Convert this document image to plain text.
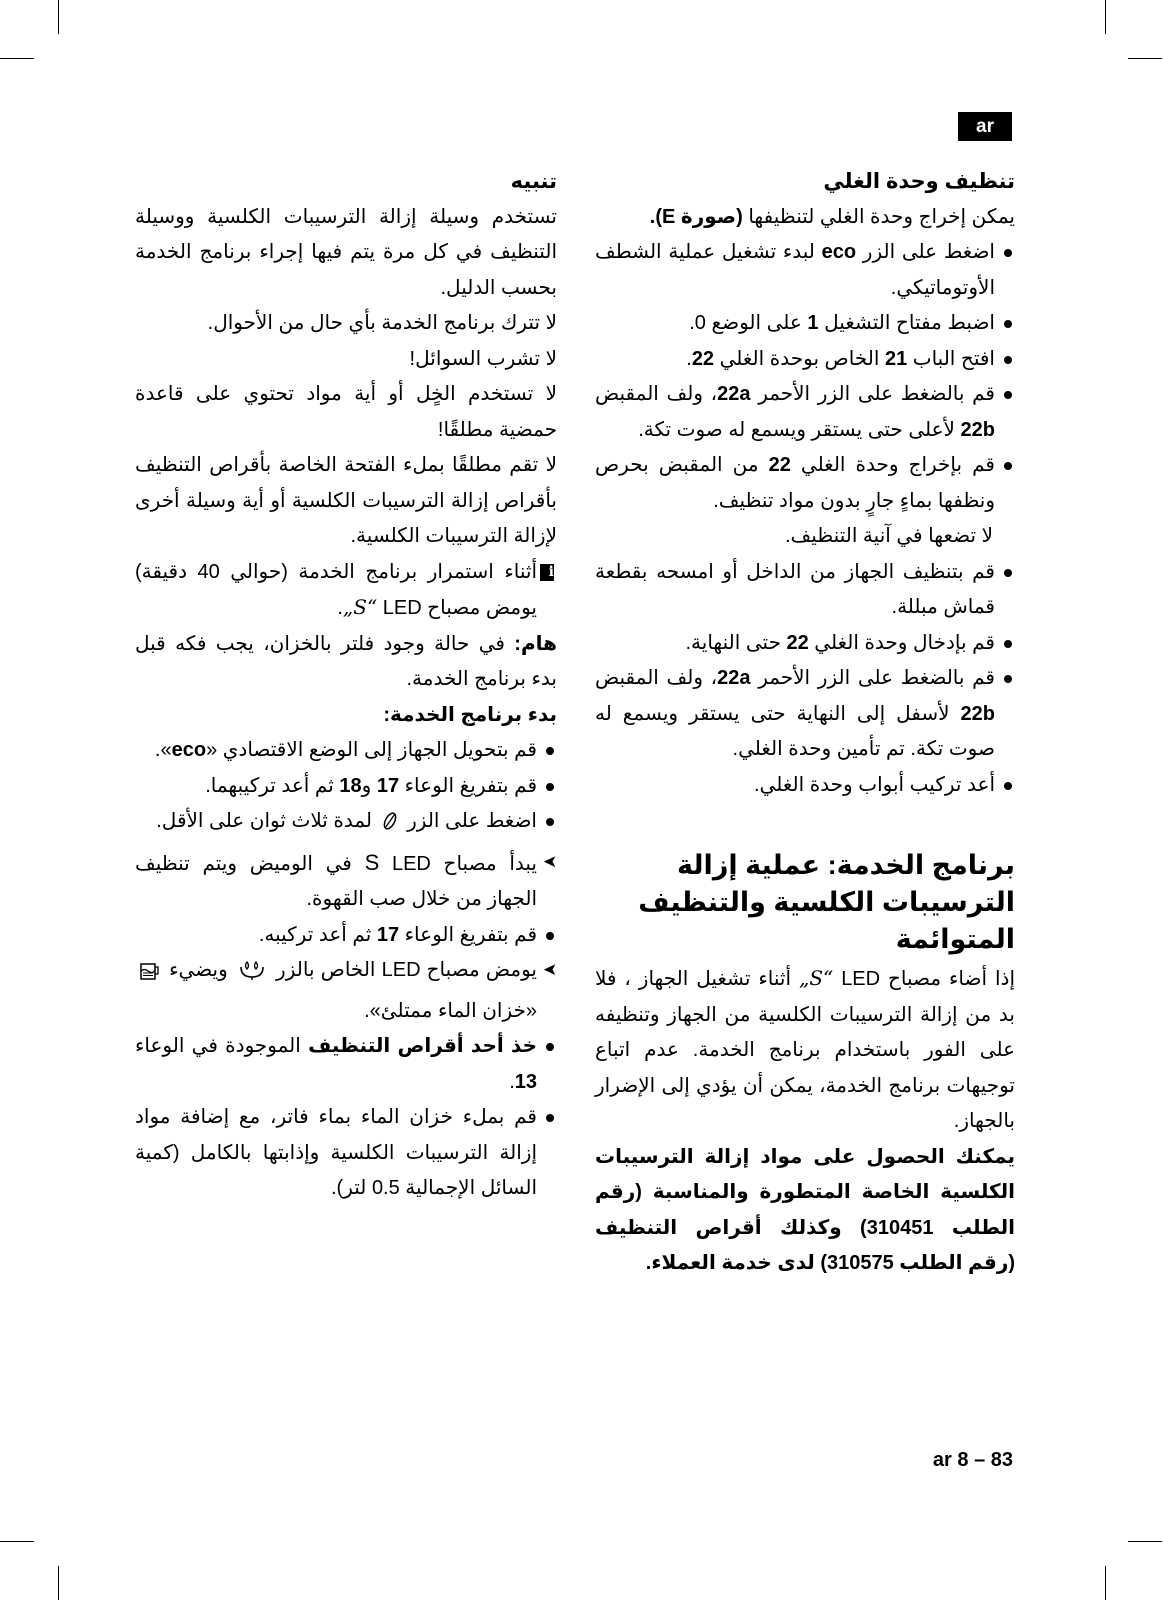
ar
تنظيف وحدة الغلي

يمكن إخراج وحدة الغلي لتنظيفها (صورة E).

اضغط على الزر eco لبدء تشغيل عملية الشطف الأوتوماتيكي.
اضبط مفتاح التشغيل 1 على الوضع 0.
افتح الباب 21 الخاص بوحدة الغلي 22.
قم بالضغط على الزر الأحمر 22a، ولف المقبض 22b لأعلى حتى يستقر ويسمع له صوت تكة.
قم بإخراج وحدة الغلي 22 من المقبض بحرص ونظفها بماءٍ جارٍ بدون مواد تنظيف.

لا تضعها في آنية التنظيف.

قم بتنظيف الجهاز من الداخل أو امسحه بقطعة قماش مبللة.
قم بإدخال وحدة الغلي 22 حتى النهاية.
قم بالضغط على الزر الأحمر 22a، ولف المقبض 22b لأسفل إلى النهاية حتى يستقر ويسمع له صوت تكة. تم تأمين وحدة الغلي.
أعد تركيب أبواب وحدة الغلي.
برنامج الخدمة: عملية إزالة الترسيبات الكلسية والتنظيف المتوائمة

إذا أضاء مصباح LED „S“ أثناء تشغيل الجهاز ، فلا بد من إزالة الترسيبات الكلسية من الجهاز وتنظيفه على الفور باستخدام برنامج الخدمة. عدم اتباع توجيهات برنامج الخدمة، يمكن أن يؤدي إلى الإضرار بالجهاز.

يمكنك الحصول على مواد إزالة الترسيبات الكلسية الخاصة المتطورة والمناسبة (رقم الطلب 310451) وكذلك أقراص التنظيف (رقم الطلب 310575) لدى خدمة العملاء.

تنبيه

تستخدم وسيلة إزالة الترسيبات الكلسية ووسيلة التنظيف في كل مرة يتم فيها إجراء برنامج الخدمة بحسب الدليل.

لا تترك برنامج الخدمة بأي حال من الأحوال.

لا تشرب السوائل!

لا تستخدم الخٍل أو أية مواد تحتوي على قاعدة حمضية مطلقًا!

لا تقم مطلقًا بملء الفتحة الخاصة بأقراص التنظيف بأقراص إزالة الترسيبات الكلسية أو أية وسيلة أخرى لإزالة الترسيبات الكلسية.

i
أثناء استمرار برنامج الخدمة (حوالي 40 دقيقة) يومض مصباح LED „S“.

هام: في حالة وجود فلتر بالخزان، يجب فكه قبل بدء برنامج الخدمة.

بدء برنامج الخدمة:

قم بتحويل الجهاز إلى الوضع الاقتصادي «eco».
قم بتفريغ الوعاء 17 و18 ثم أعد تركيبهما.
اضغط على الزر  لمدة ثلاث ثوان على الأقل.

➤
يبدأ مصباح LED S في الوميض ويتم تنظيف الجهاز من خلال صب القهوة.

قم بتفريغ الوعاء 17 ثم أعد تركيبه.

➤
يومض مصباح LED الخاص بالزر  ويضيء  «خزان الماء ممتلئ».

خذ أحد أقراص التنظيف الموجودة في الوعاء 13.
قم بملء خزان الماء بماء فاتر، مع إضافة مواد إزالة الترسيبات الكلسية وإذابتها بالكامل (كمية السائل الإجمالية 0.5 لتر).
ar 8 – 83
